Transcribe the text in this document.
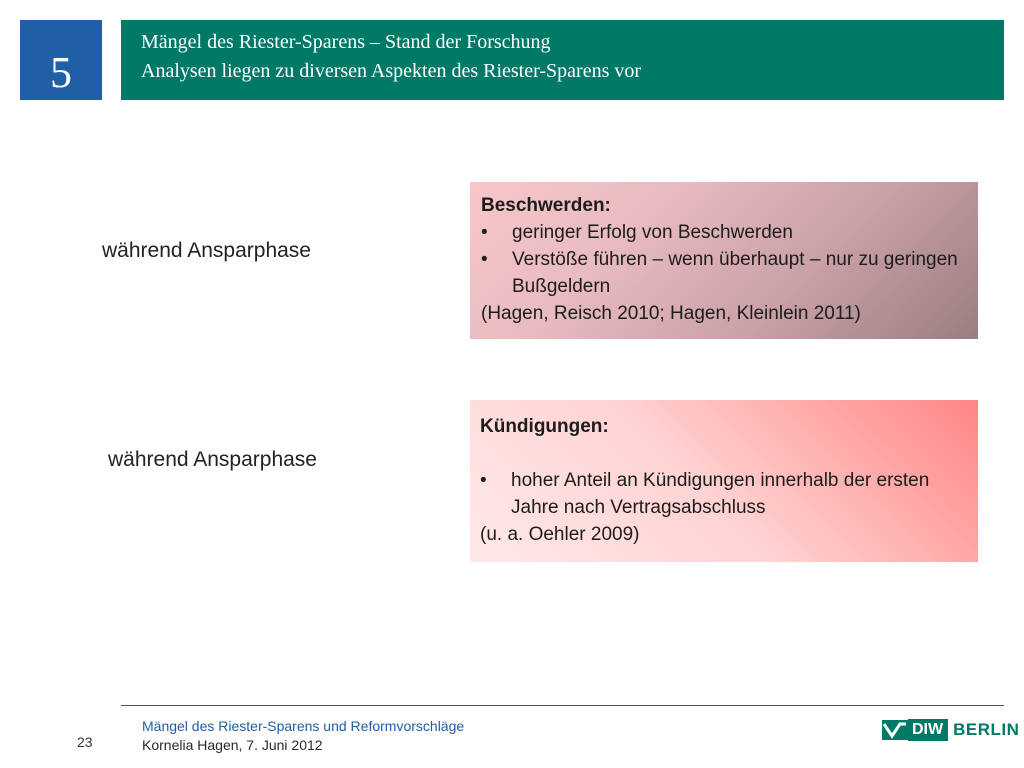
5
Mängel des Riester-Sparens – Stand der Forschung
Analysen liegen zu diversen Aspekten des Riester-Sparens vor
während Ansparphase
Beschwerden:
•	geringer Erfolg von Beschwerden
•	Verstöße führen – wenn überhaupt – nur zu geringen Bußgeldern
(Hagen, Reisch 2010; Hagen, Kleinlein 2011)
während Ansparphase
Kündigungen:
•	hoher Anteil an Kündigungen innerhalb der ersten Jahre nach Vertragsabschluss
(u. a. Oehler 2009)
23
Mängel des Riester-Sparens und Reformvorschläge
Kornelia Hagen, 7. Juni 2012
DIW BERLIN
